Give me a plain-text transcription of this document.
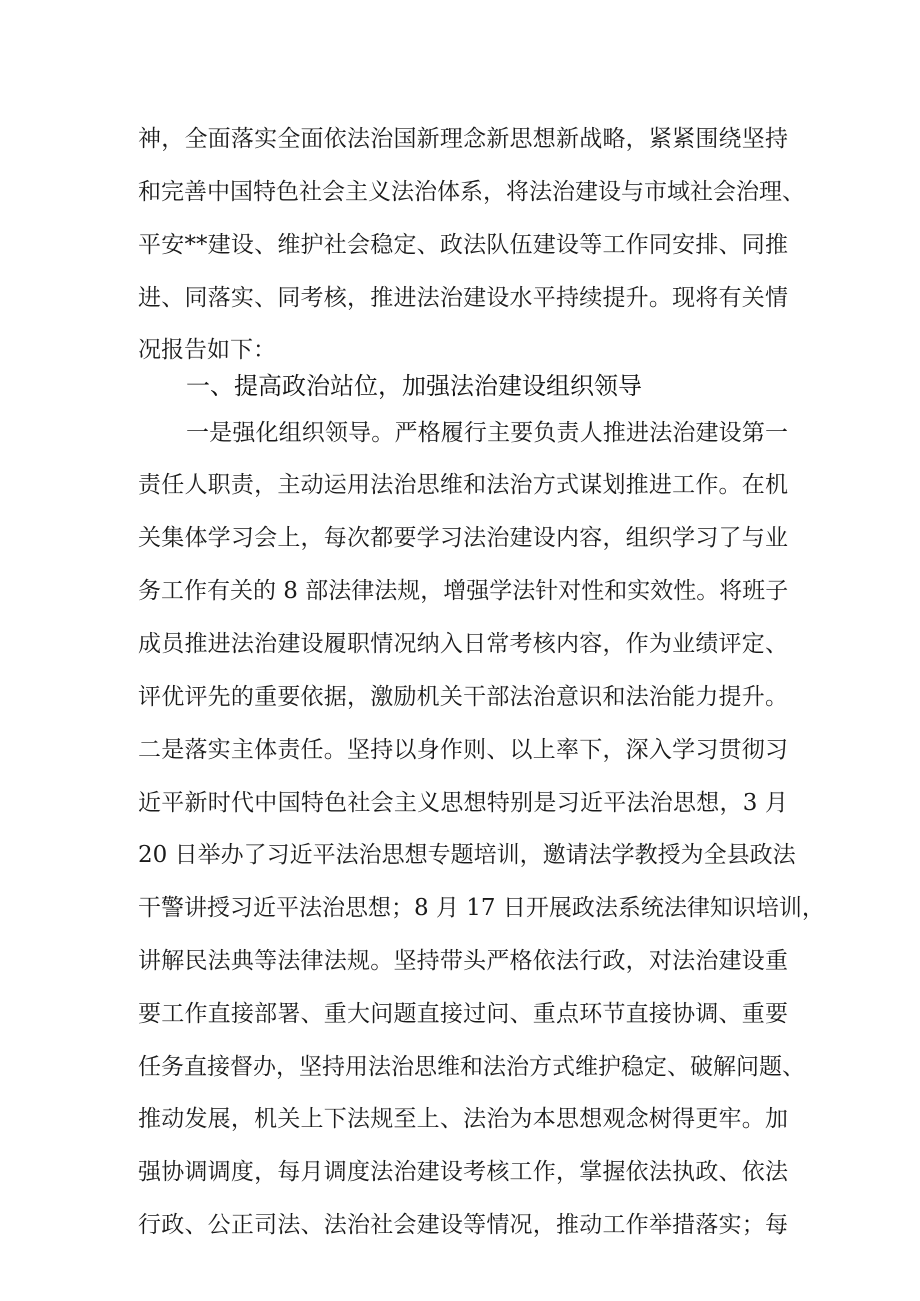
神，全面落实全面依法治国新理念新思想新战略，紧紧围绕坚持
和完善中国特色社会主义法治体系，将法治建设与市域社会治理、
平安**建设、维护社会稳定、政法队伍建设等工作同安排、同推
进、同落实、同考核，推进法治建设水平持续提升。现将有关情
况报告如下：
一、提高政治站位，加强法治建设组织领导
一是强化组织领导。严格履行主要负责人推进法治建设第一
责任人职责，主动运用法治思维和法治方式谋划推进工作。在机
关集体学习会上，每次都要学习法治建设内容，组织学习了与业
务工作有关的 8 部法律法规，增强学法针对性和实效性。将班子
成员推进法治建设履职情况纳入日常考核内容，作为业绩评定、
评优评先的重要依据，激励机关干部法治意识和法治能力提升。
二是落实主体责任。坚持以身作则、以上率下，深入学习贯彻习
近平新时代中国特色社会主义思想特别是习近平法治思想，3 月
20 日举办了习近平法治思想专题培训，邀请法学教授为全县政法
干警讲授习近平法治思想；8 月 17 日开展政法系统法律知识培训，
讲解民法典等法律法规。坚持带头严格依法行政，对法治建设重
要工作直接部署、重大问题直接过问、重点环节直接协调、重要
任务直接督办，坚持用法治思维和法治方式维护稳定、破解问题、
推动发展，机关上下法规至上、法治为本思想观念树得更牢。加
强协调调度，每月调度法治建设考核工作，掌握依法执政、依法
行政、公正司法、法治社会建设等情况，推动工作举措落实；每
